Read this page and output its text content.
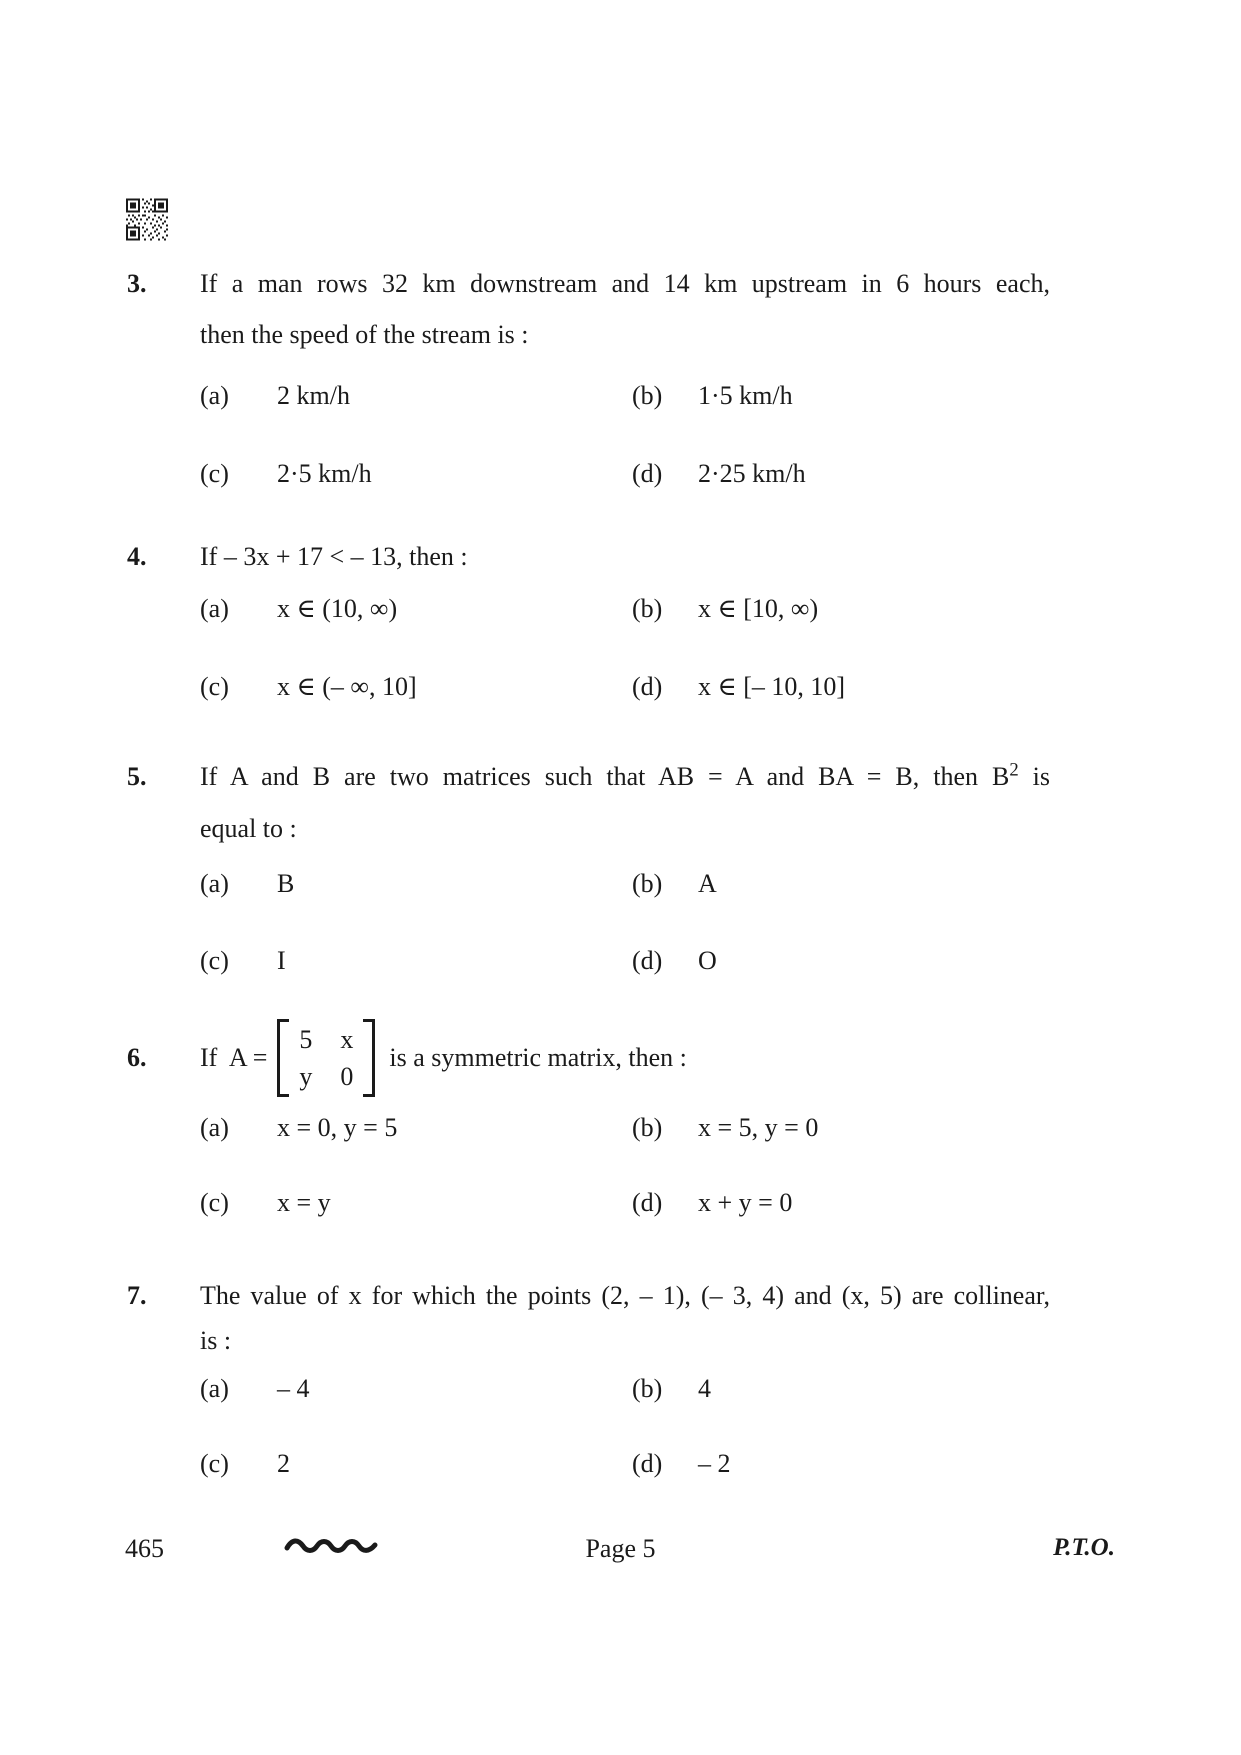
3.	If a man rows 32 km downstream and 14 km upstream in 6 hours each,
then the speed of the stream is :
(a) 2 km/h	(b) 1·5 km/h
(c) 2·5 km/h	(d) 2·25 km/h
4.	If – 3x + 17 < – 13, then :
(a) x ∈ (10, ∞)	(b) x ∈ [10, ∞)
(c) x ∈ (– ∞, 10]	(d) x ∈ [– 10, 10]
5.	If A and B are two matrices such that AB = A and BA = B, then $B^2$ is
equal to :
(a) B	(b) A
(c) I	(d) O
6.	If  A =
5 x
y 0
is a symmetric matrix, then :
(a) x = 0, y = 5	(b) x = 5, y = 0
(c) x = y	(d) x + y = 0
7.	The value of x for which the points (2, – 1), (– 3, 4) and (x, 5) are collinear,
is :
(a) – 4	(b) 4
(c) 2	(d) – 2
465	Page 5	P.T.O.
